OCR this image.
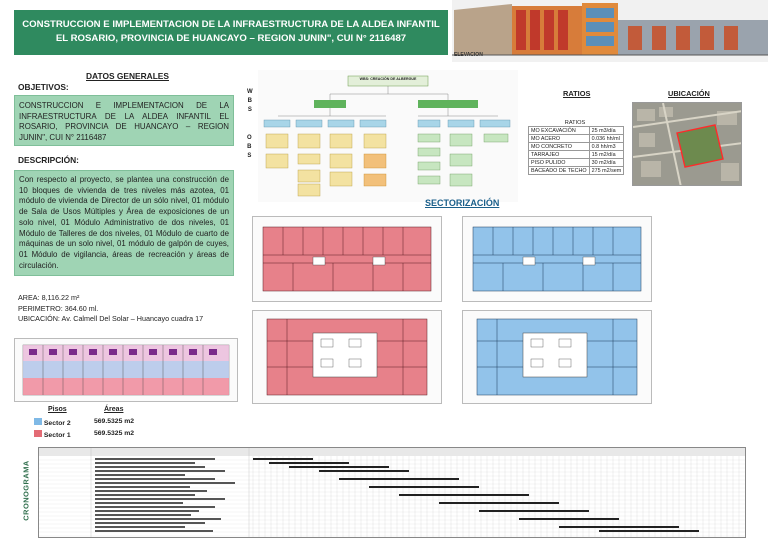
CONSTRUCCION E IMPLEMENTACION DE LA INFRAESTRUCTURA DE LA ALDEA INFANTIL
EL ROSARIO, PROVINCIA DE HUANCAYO – REGION JUNIN", CUI N° 2116487
ELEVACION
DATOS GENERALES
OBJETIVOS:
CONSTRUCCION E IMPLEMENTACION DE LA INFRAESTRUCTURA DE LA ALDEA INFANTIL EL ROSARIO, PROVINCIA DE HUANCAYO – REGION JUNIN", CUI N° 2116487
DESCRIPCIÓN:
Con respecto al proyecto, se plantea una construcción de 10 bloques de vivienda de tres niveles más azotea, 01 módulo de vivienda de Director de un sólo nivel, 01 módulo de Sala de Usos Múltiples y Área de exposiciones de un solo nivel, 01 Módulo Administrativo de dos niveles, 01 Módulo de Talleres de dos niveles, 01 Módulo de cuarto de máquinas de un solo nivel, 01 módulo de galpón de cuyes, 01 Módulo de vigilancia, áreas de recreación y áreas de circulación.
AREA: 8,116.22 m²
PERIMETRO: 364.60 ml.
UBICACIÓN: Av. Calmell Del Solar – Huancayo cuadra 17
Pisos	Áreas
Sector 2	569.5325 m2
Sector 1	569.5325 m2
W
B
S
O
B
S
WBS: CREACIÓN DE ALBERGUE
RATIOS
RATIOS
MO EXCAVACIÓN	25 m3/día
MO ACERO	0.036 hh/ml
MO CONCRETO	0.8 hh/m3
TARRAJEO	15 m2/día
PISO PULIDO	30 m2/día
BACEADO DE TECHO	275 m2/sem
UBICACIÓN
SECTORIZACIÓN
CRONOGRAMA
